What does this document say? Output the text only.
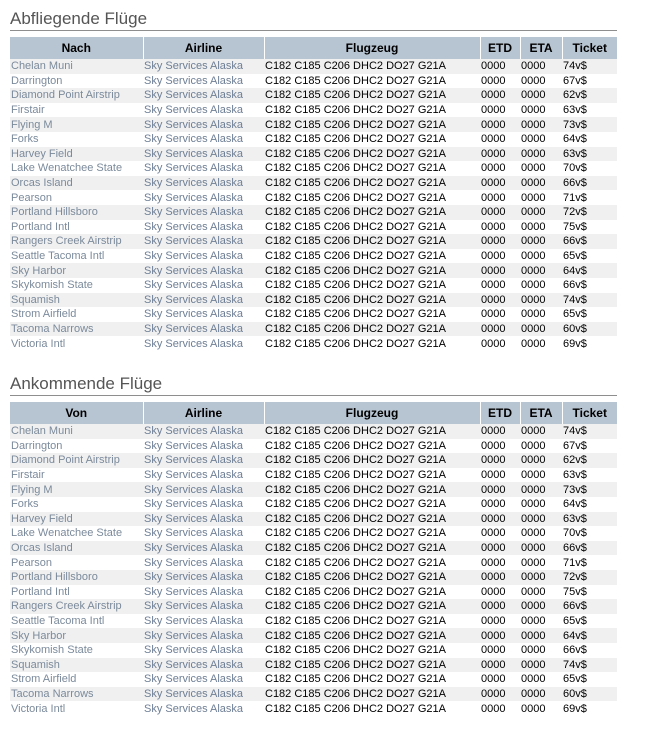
Abfliegende Flüge
Nach	Airline	Flugzeug	ETD	ETA	Ticket
Chelan Muni	Sky Services Alaska	C182 C185 C206 DHC2 DO27 G21A	0000	0000	74v$
Darrington	Sky Services Alaska	C182 C185 C206 DHC2 DO27 G21A	0000	0000	67v$
Diamond Point Airstrip	Sky Services Alaska	C182 C185 C206 DHC2 DO27 G21A	0000	0000	62v$
Firstair	Sky Services Alaska	C182 C185 C206 DHC2 DO27 G21A	0000	0000	63v$
Flying M	Sky Services Alaska	C182 C185 C206 DHC2 DO27 G21A	0000	0000	73v$
Forks	Sky Services Alaska	C182 C185 C206 DHC2 DO27 G21A	0000	0000	64v$
Harvey Field	Sky Services Alaska	C182 C185 C206 DHC2 DO27 G21A	0000	0000	63v$
Lake Wenatchee State	Sky Services Alaska	C182 C185 C206 DHC2 DO27 G21A	0000	0000	70v$
Orcas Island	Sky Services Alaska	C182 C185 C206 DHC2 DO27 G21A	0000	0000	66v$
Pearson	Sky Services Alaska	C182 C185 C206 DHC2 DO27 G21A	0000	0000	71v$
Portland Hillsboro	Sky Services Alaska	C182 C185 C206 DHC2 DO27 G21A	0000	0000	72v$
Portland Intl	Sky Services Alaska	C182 C185 C206 DHC2 DO27 G21A	0000	0000	75v$
Rangers Creek Airstrip	Sky Services Alaska	C182 C185 C206 DHC2 DO27 G21A	0000	0000	66v$
Seattle Tacoma Intl	Sky Services Alaska	C182 C185 C206 DHC2 DO27 G21A	0000	0000	65v$
Sky Harbor	Sky Services Alaska	C182 C185 C206 DHC2 DO27 G21A	0000	0000	64v$
Skykomish State	Sky Services Alaska	C182 C185 C206 DHC2 DO27 G21A	0000	0000	66v$
Squamish	Sky Services Alaska	C182 C185 C206 DHC2 DO27 G21A	0000	0000	74v$
Strom Airfield	Sky Services Alaska	C182 C185 C206 DHC2 DO27 G21A	0000	0000	65v$
Tacoma Narrows	Sky Services Alaska	C182 C185 C206 DHC2 DO27 G21A	0000	0000	60v$
Victoria Intl	Sky Services Alaska	C182 C185 C206 DHC2 DO27 G21A	0000	0000	69v$
Ankommende Flüge
Von	Airline	Flugzeug	ETD	ETA	Ticket
Chelan Muni	Sky Services Alaska	C182 C185 C206 DHC2 DO27 G21A	0000	0000	74v$
Darrington	Sky Services Alaska	C182 C185 C206 DHC2 DO27 G21A	0000	0000	67v$
Diamond Point Airstrip	Sky Services Alaska	C182 C185 C206 DHC2 DO27 G21A	0000	0000	62v$
Firstair	Sky Services Alaska	C182 C185 C206 DHC2 DO27 G21A	0000	0000	63v$
Flying M	Sky Services Alaska	C182 C185 C206 DHC2 DO27 G21A	0000	0000	73v$
Forks	Sky Services Alaska	C182 C185 C206 DHC2 DO27 G21A	0000	0000	64v$
Harvey Field	Sky Services Alaska	C182 C185 C206 DHC2 DO27 G21A	0000	0000	63v$
Lake Wenatchee State	Sky Services Alaska	C182 C185 C206 DHC2 DO27 G21A	0000	0000	70v$
Orcas Island	Sky Services Alaska	C182 C185 C206 DHC2 DO27 G21A	0000	0000	66v$
Pearson	Sky Services Alaska	C182 C185 C206 DHC2 DO27 G21A	0000	0000	71v$
Portland Hillsboro	Sky Services Alaska	C182 C185 C206 DHC2 DO27 G21A	0000	0000	72v$
Portland Intl	Sky Services Alaska	C182 C185 C206 DHC2 DO27 G21A	0000	0000	75v$
Rangers Creek Airstrip	Sky Services Alaska	C182 C185 C206 DHC2 DO27 G21A	0000	0000	66v$
Seattle Tacoma Intl	Sky Services Alaska	C182 C185 C206 DHC2 DO27 G21A	0000	0000	65v$
Sky Harbor	Sky Services Alaska	C182 C185 C206 DHC2 DO27 G21A	0000	0000	64v$
Skykomish State	Sky Services Alaska	C182 C185 C206 DHC2 DO27 G21A	0000	0000	66v$
Squamish	Sky Services Alaska	C182 C185 C206 DHC2 DO27 G21A	0000	0000	74v$
Strom Airfield	Sky Services Alaska	C182 C185 C206 DHC2 DO27 G21A	0000	0000	65v$
Tacoma Narrows	Sky Services Alaska	C182 C185 C206 DHC2 DO27 G21A	0000	0000	60v$
Victoria Intl	Sky Services Alaska	C182 C185 C206 DHC2 DO27 G21A	0000	0000	69v$
